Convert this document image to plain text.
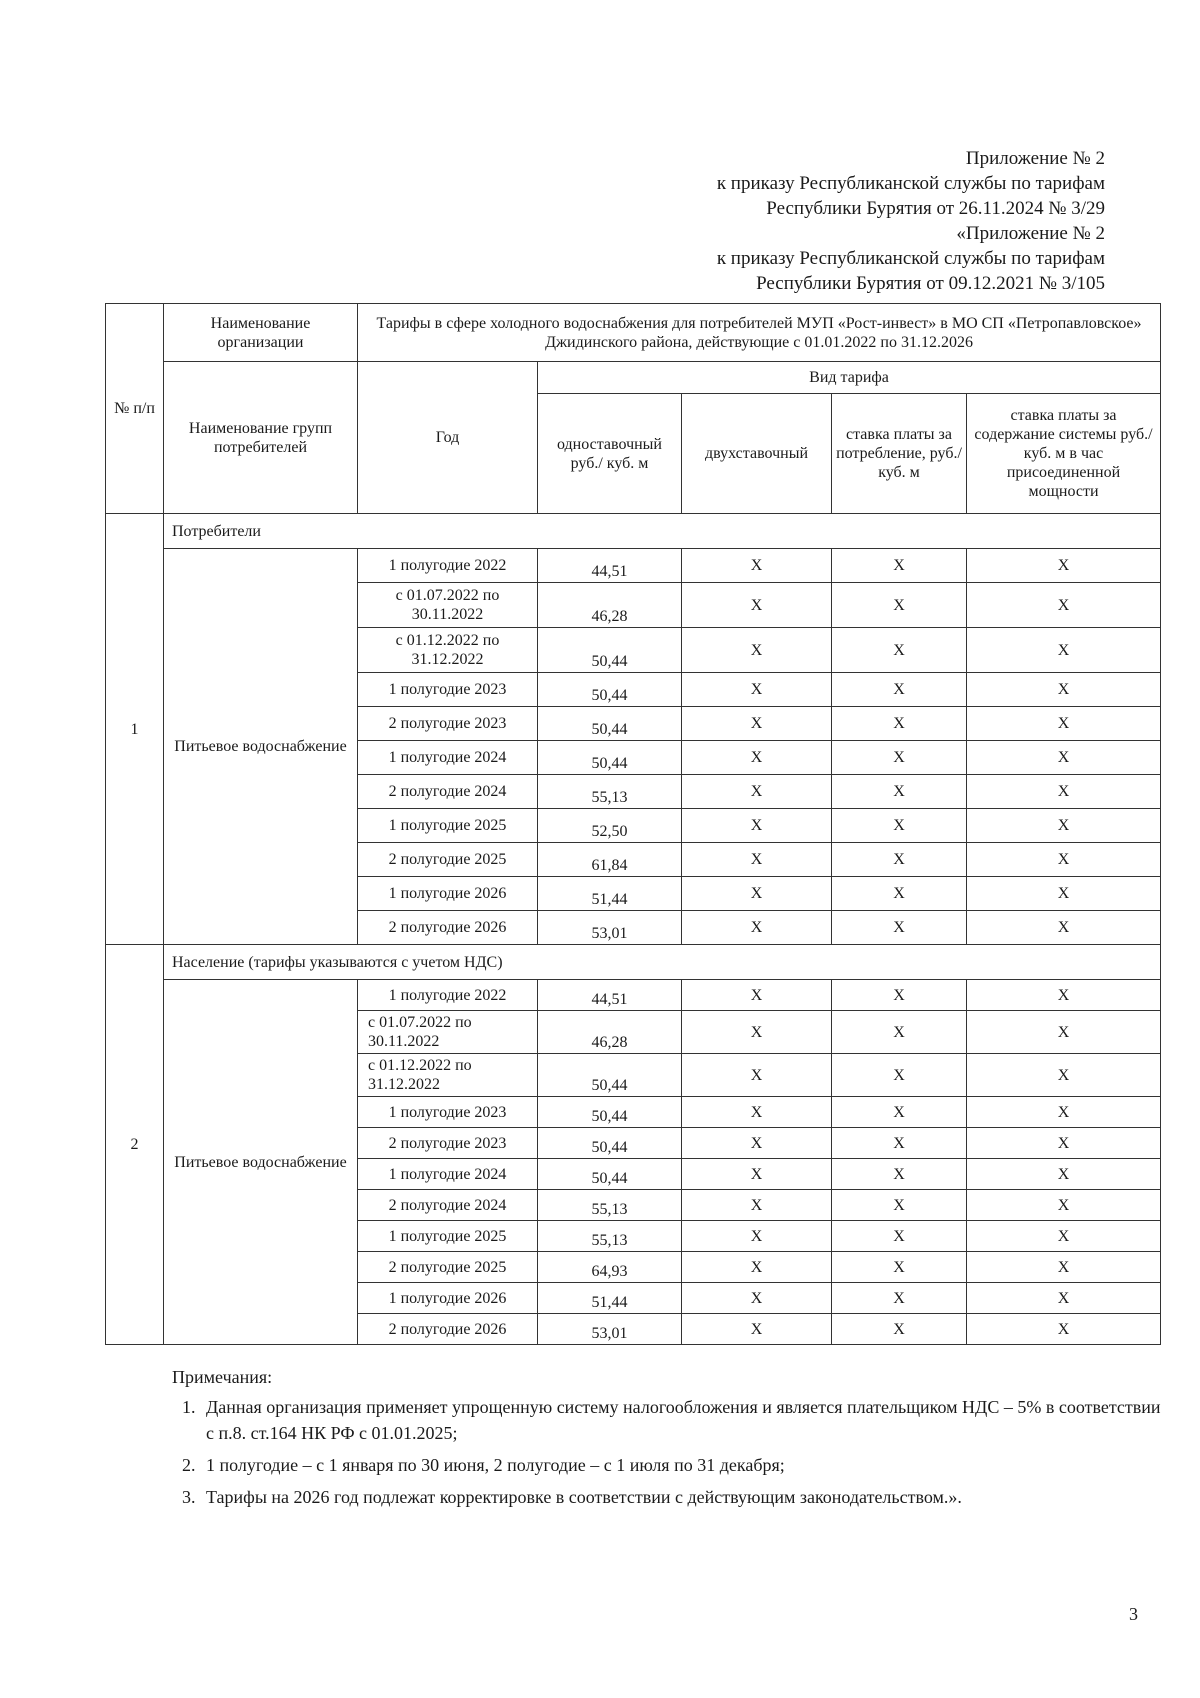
Приложение № 2
к приказу Республиканской службы по тарифам
Республики Бурятия от 26.11.2024 № 3/29
«Приложение № 2
к приказу Республиканской службы по тарифам
Республики Бурятия от 09.12.2021 № 3/105
№ п/п	Наименование организации	Тарифы в сфере холодного водоснабжения для потребителей МУП «Рост-инвест» в МО СП «Петропавловское» Джидинского района, действующие с 01.01.2022 по 31.12.2026				
	Наименование групп потребителей	Год	Вид тарифа			
			одноставочный руб./ куб. м	двухставочный	ставка платы за потребление, руб./ куб. м	ставка платы за содержание системы руб./куб. м в час присоединенной мощности
1	Потребители					
	Питьевое водоснабжение	1 полугодие 2022	44,51	X	X	X
		с 01.07.2022 по 30.11.2022	46,28	X	X	X
		с 01.12.2022 по 31.12.2022	50,44	X	X	X
		1 полугодие 2023	50,44	X	X	X
		2 полугодие 2023	50,44	X	X	X
		1 полугодие 2024	50,44	X	X	X
		2 полугодие 2024	55,13	X	X	X
		1 полугодие 2025	52,50	X	X	X
		2 полугодие 2025	61,84	X	X	X
		1 полугодие 2026	51,44	X	X	X
		2 полугодие 2026	53,01	X	X	X
2	Население (тарифы указываются с учетом НДС)					
	Питьевое водоснабжение	1 полугодие 2022	44,51	X	X	X
		с 01.07.2022 по 30.11.2022	46,28	X	X	X
		с 01.12.2022 по 31.12.2022	50,44	X	X	X
		1 полугодие 2023	50,44	X	X	X
		2 полугодие 2023	50,44	X	X	X
		1 полугодие 2024	50,44	X	X	X
		2 полугодие 2024	55,13	X	X	X
		1 полугодие 2025	55,13	X	X	X
		2 полугодие 2025	64,93	X	X	X
		1 полугодие 2026	51,44	X	X	X
		2 полугодие 2026	53,01	X	X	X
Примечания:
1. Данная организация применяет упрощенную систему налогообложения и является плательщиком НДС – 5% в соответствии с п.8. ст.164 НК РФ с 01.01.2025;
2. 1 полугодие – с 1 января по 30 июня, 2 полугодие – с 1 июля по 31 декабря;
3. Тарифы на 2026 год подлежат корректировке в соответствии с действующим законодательством.».
3
